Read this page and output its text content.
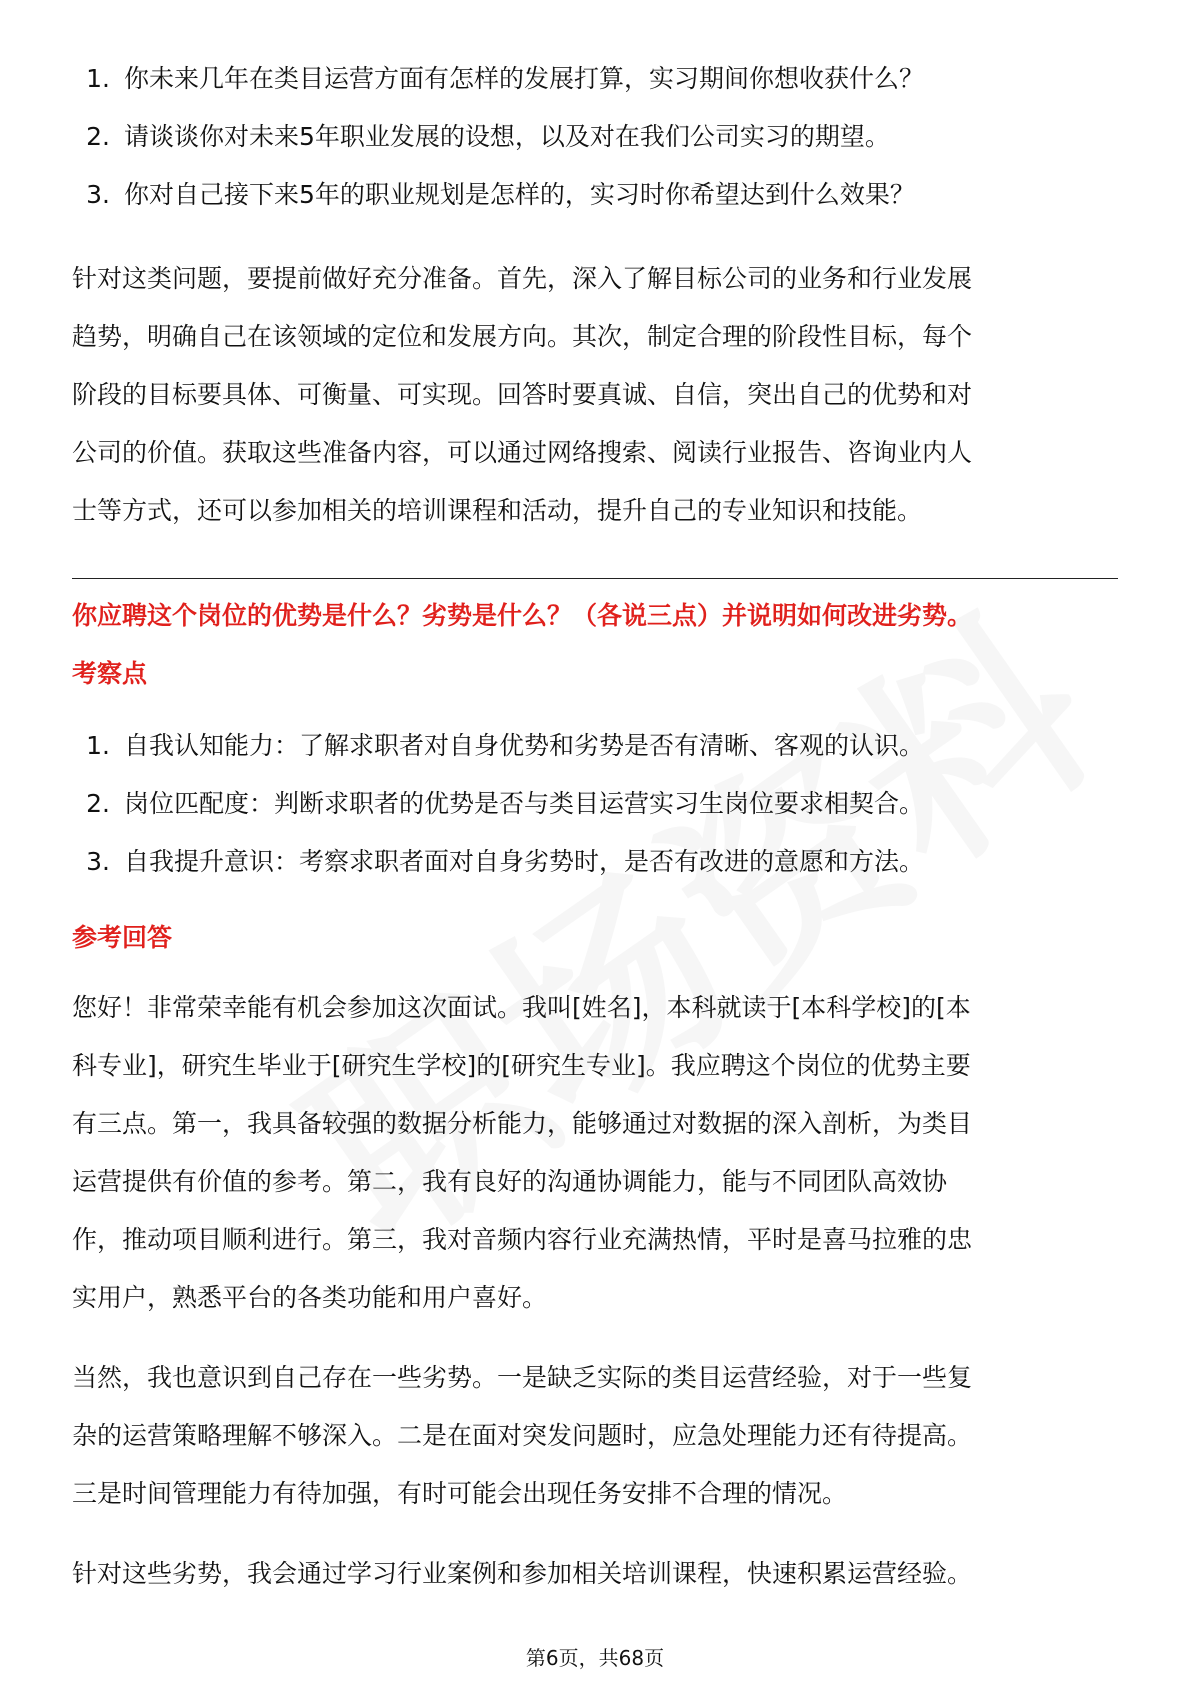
1. 你未来几年在类目运营方面有怎样的发展打算，实习期间你想收获什么？
2. 请谈谈你对未来5年职业发展的设想，以及对在我们公司实习的期望。
3. 你对自己接下来5年的职业规划是怎样的，实习时你希望达到什么效果？

针对这类问题，要提前做好充分准备。首先，深入了解目标公司的业务和行业发展
趋势，明确自己在该领域的定位和发展方向。其次，制定合理的阶段性目标，每个
阶段的目标要具体、可衡量、可实现。回答时要真诚、自信，突出自己的优势和对
公司的价值。获取这些准备内容，可以通过网络搜索、阅读行业报告、咨询业内人
士等方式，还可以参加相关的培训课程和活动，提升自己的专业知识和技能。

你应聘这个岗位的优势是什么？劣势是什么？（各说三点）并说明如何改进劣势。
考察点
1. 自我认知能力：了解求职者对自身优势和劣势是否有清晰、客观的认识。
2. 岗位匹配度：判断求职者的优势是否与类目运营实习生岗位要求相契合。
3. 自我提升意识：考察求职者面对自身劣势时，是否有改进的意愿和方法。
参考回答

您好！非常荣幸能有机会参加这次面试。我叫[姓名]，本科就读于[本科学校]的[本
科专业]，研究生毕业于[研究生学校]的[研究生专业]。我应聘这个岗位的优势主要
有三点。第一，我具备较强的数据分析能力，能够通过对数据的深入剖析，为类目
运营提供有价值的参考。第二，我有良好的沟通协调能力，能与不同团队高效协
作，推动项目顺利进行。第三，我对音频内容行业充满热情，平时是喜马拉雅的忠
实用户，熟悉平台的各类功能和用户喜好。

当然，我也意识到自己存在一些劣势。一是缺乏实际的类目运营经验，对于一些复
杂的运营策略理解不够深入。二是在面对突发问题时，应急处理能力还有待提高。
三是时间管理能力有待加强，有时可能会出现任务安排不合理的情况。

针对这些劣势，我会通过学习行业案例和参加相关培训课程，快速积累运营经验。

第6页，共68页
